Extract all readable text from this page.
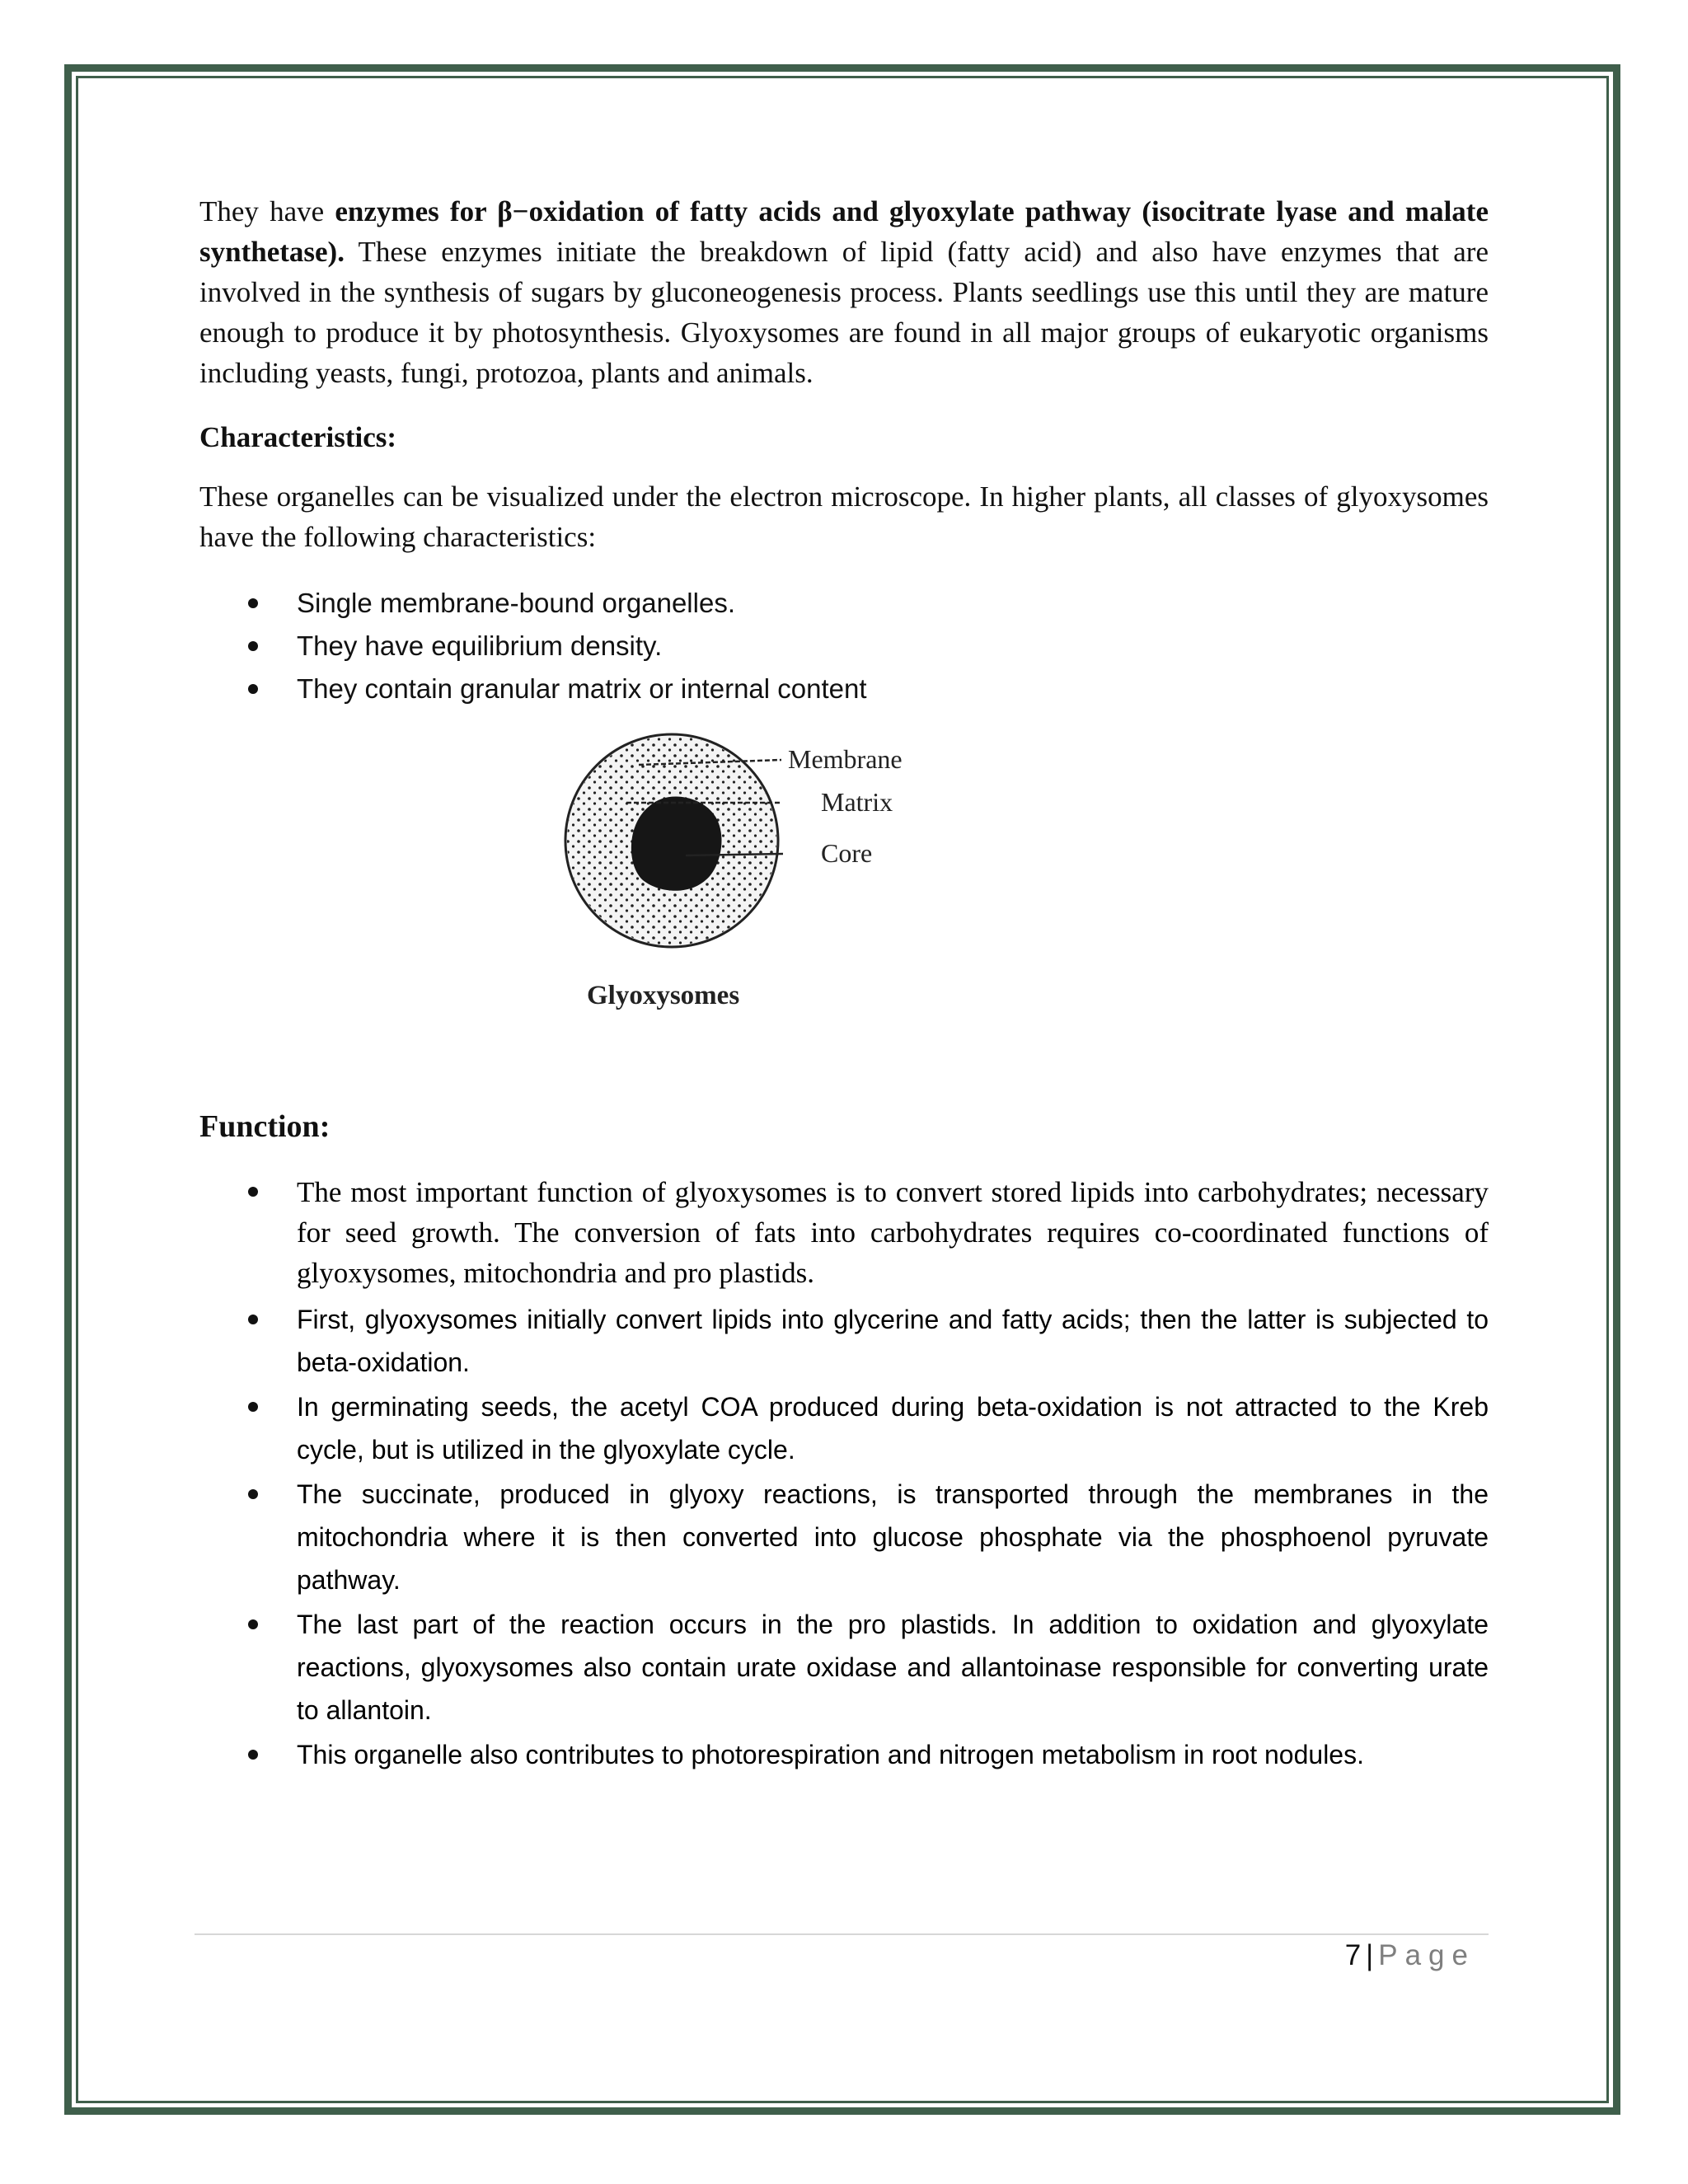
They have enzymes for β−oxidation of fatty acids and glyoxylate pathway (isocitrate lyase and malate synthetase). These enzymes initiate the breakdown of lipid (fatty acid) and also have enzymes that are involved in the synthesis of sugars by gluconeogenesis process. Plants seedlings use this until they are mature enough to produce it by photosynthesis. Glyoxysomes are found in all major groups of eukaryotic organisms including yeasts, fungi, protozoa, plants and animals.

Characteristics:

These organelles can be visualized under the electron microscope. In higher plants, all classes of glyoxysomes have the following characteristics:

Single membrane-bound organelles.
They have equilibrium density.
They contain granular matrix or internal content

Function:

The most important function of glyoxysomes is to convert stored lipids into carbohydrates; necessary for seed growth. The conversion of fats into carbohydrates requires co-coordinated functions of glyoxysomes, mitochondria and pro plastids.
First, glyoxysomes initially convert lipids into glycerine and fatty acids; then the latter is subjected to beta-oxidation.
In germinating seeds, the acetyl COA produced during beta-oxidation is not attracted to the Kreb cycle, but is utilized in the glyoxylate cycle.
The succinate, produced in glyoxy reactions, is transported through the membranes in the mitochondria where it is then converted into glucose phosphate via the phosphoenol pyruvate pathway.
The last part of the reaction occurs in the pro plastids. In addition to oxidation and glyoxylate reactions, glyoxysomes also contain urate oxidase and allantoinase responsible for converting urate to allantoin.
This organelle also contributes to photorespiration and nitrogen metabolism in root nodules.
Membrane
Matrix
Core
Glyoxysomes
7 | Page
